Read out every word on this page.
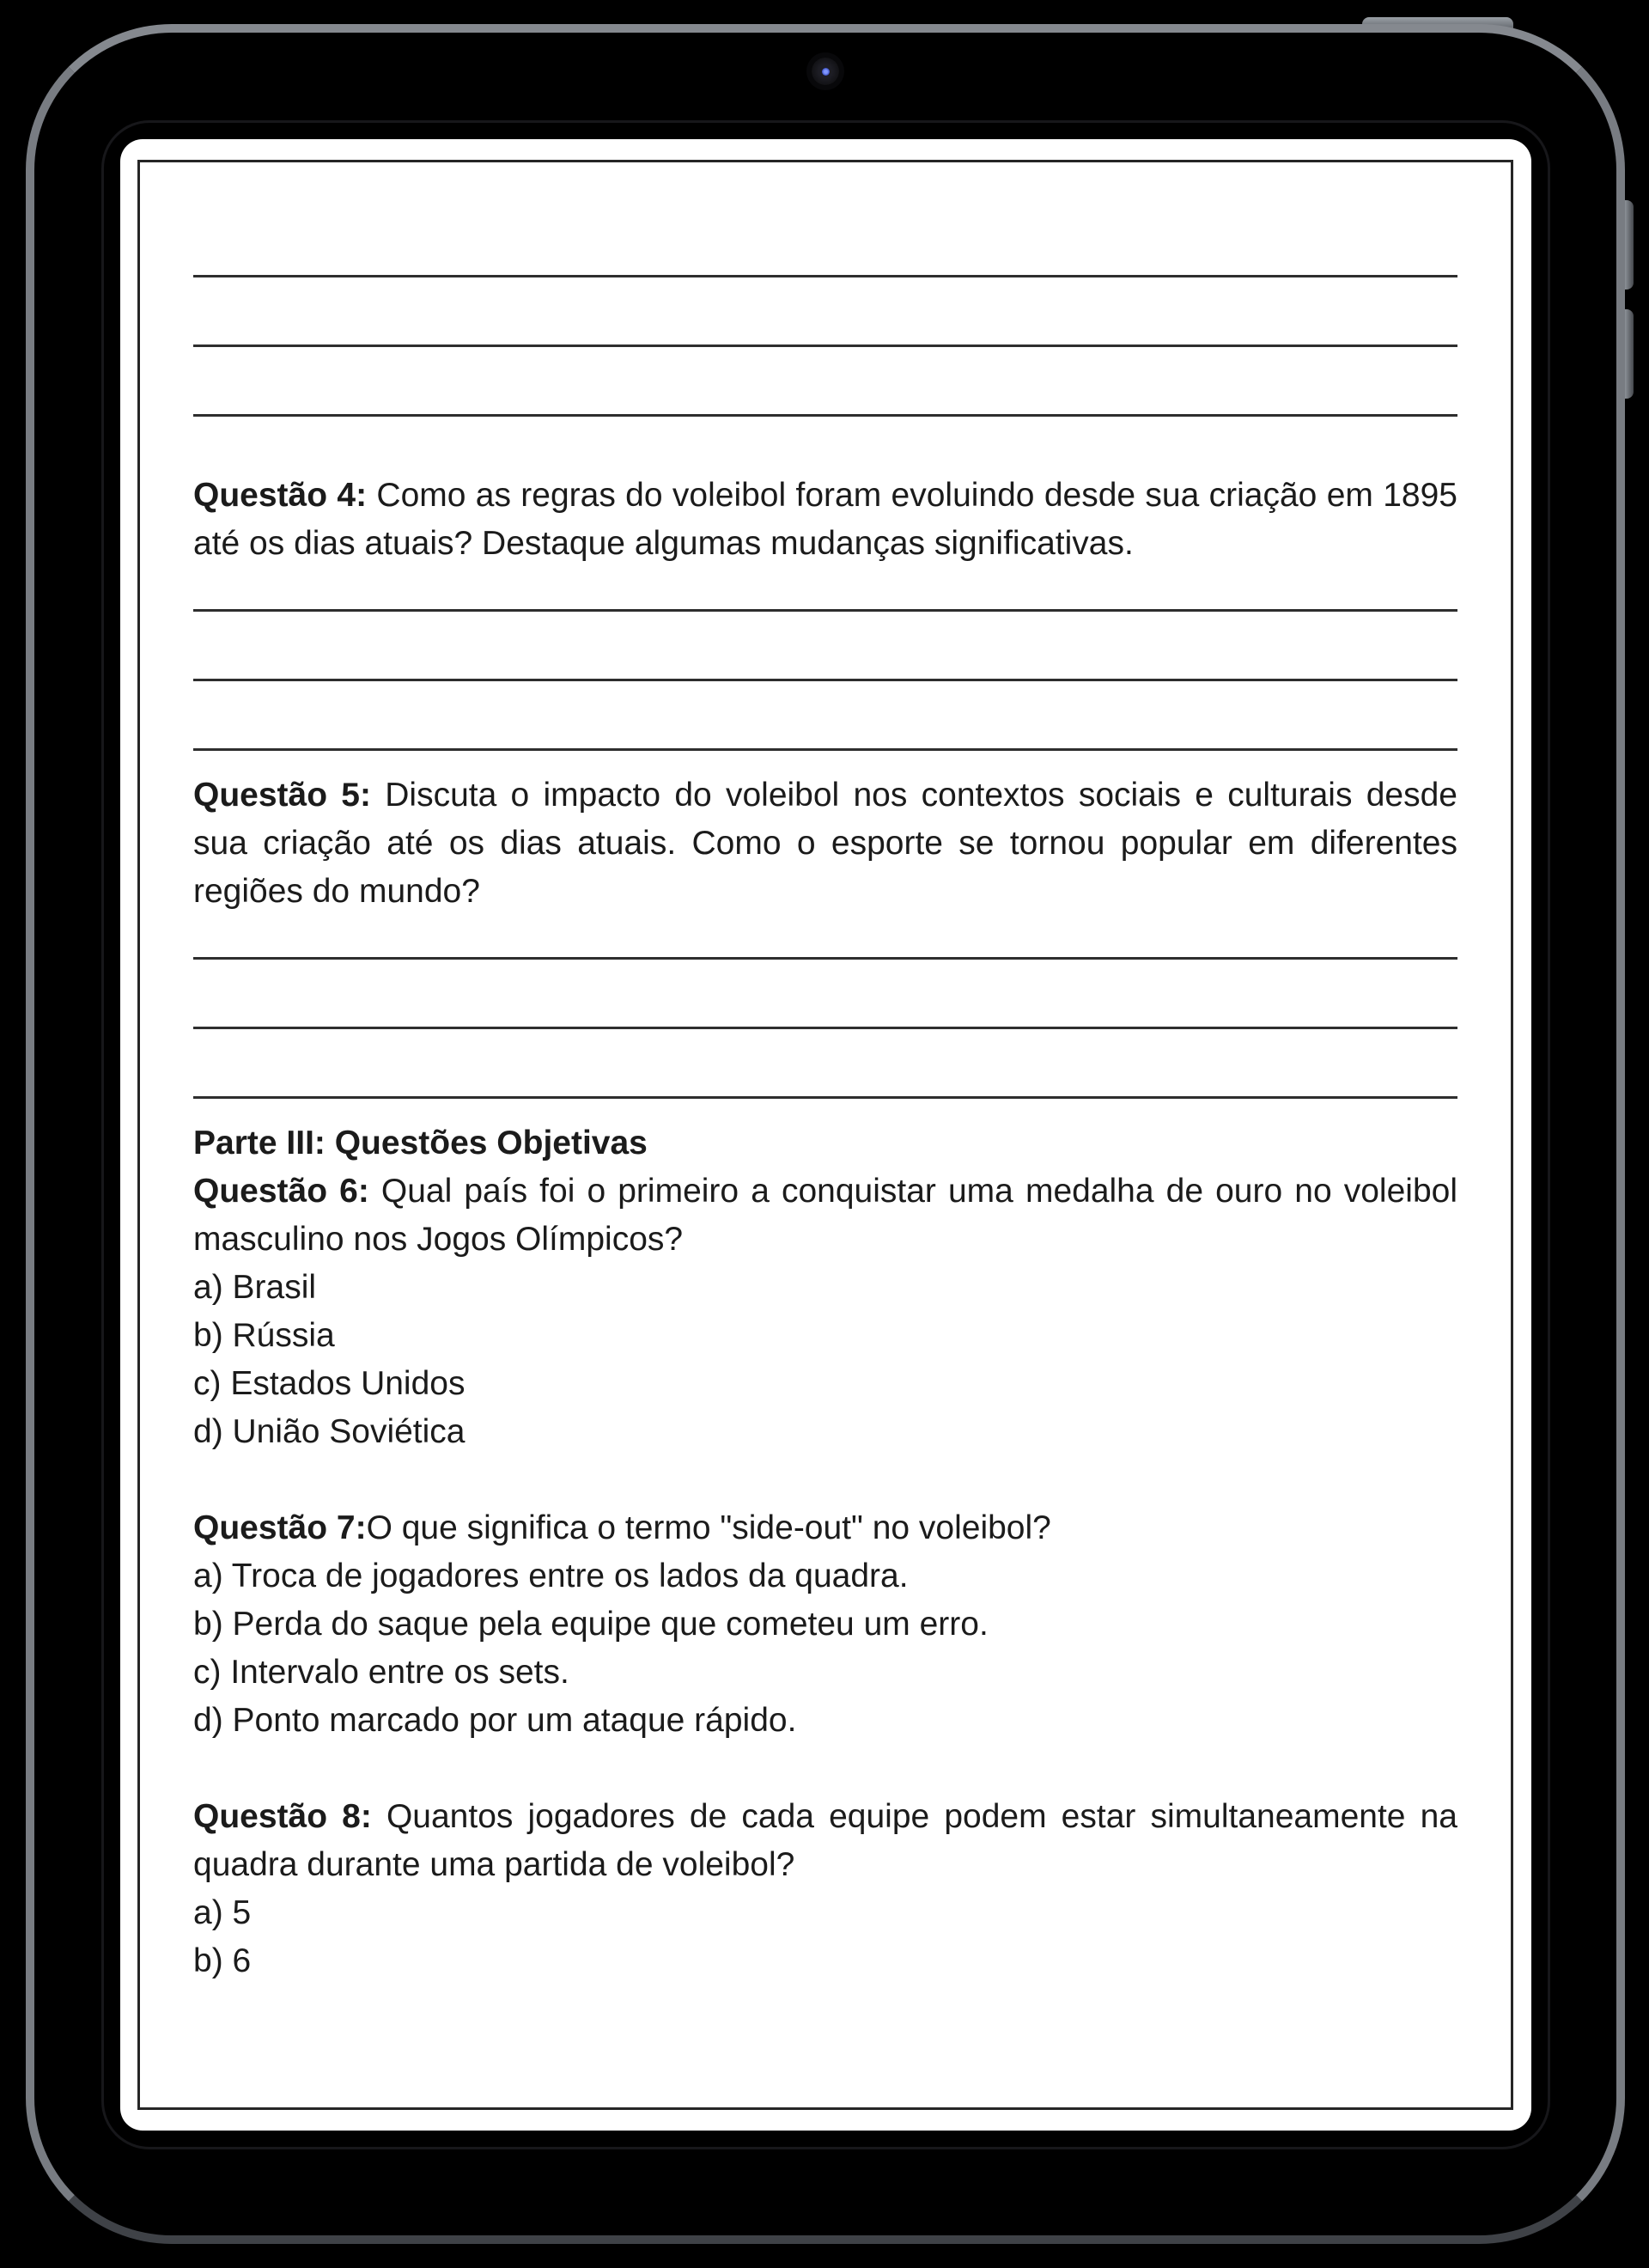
Questão 4: Como as regras do voleibol foram evoluindo desde sua criação em 1895 até os dias atuais? Destaque algumas mudanças significativas.

Questão 5: Discuta o impacto do voleibol nos contextos sociais e culturais desde sua criação até os dias atuais. Como o esporte se tornou popular em diferentes regiões do mundo?

Parte III: Questões Objetivas

Questão 6: Qual país foi o primeiro a conquistar uma medalha de ouro no voleibol masculino nos Jogos Olímpicos?

a) Brasil

b) Rússia

c) Estados Unidos

d) União Soviética

Questão 7:O que significa o termo "side-out" no voleibol?

a) Troca de jogadores entre os lados da quadra.

b) Perda do saque pela equipe que cometeu um erro.

c) Intervalo entre os sets.

d) Ponto marcado por um ataque rápido.

Questão 8: Quantos jogadores de cada equipe podem estar simultaneamente na quadra durante uma partida de voleibol?

a) 5

b) 6
